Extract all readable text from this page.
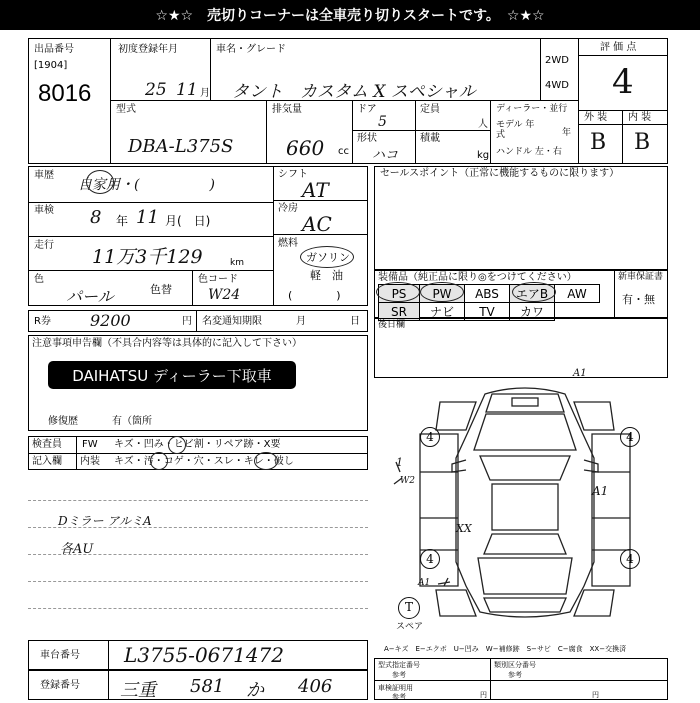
☆★☆　売切りコーナーは全車売り切りスタートです。　☆★☆
出品番号
[1904]
8016
初度登録年月
25 11 月
車名・グレード
タント　カスタム X スペシャル
2WD
4WD
評 価 点
4
型式
DBA-L375S
排気量
660 cc
ドア
5
定員
人
形状
ハコ
積載
kg
ディーラー・並行
モデル 年式	年
ハンドル 左・右
外 装 内 装
B B
車歴
自家用・(　　　　　)
車検 8 年 11 月(　日)
走行
11万3千129	km
色
パール	色替
色コード
W24
シフト
AT
冷房
AC
燃料
ガソリン
軽　油
(　　　　)
セールスポイント（正常に機能するものに限ります）
装備品（純正品に限り◎をつけてください）
PS	PW	ABS	エアB	AW
SR	ナビ	TV	カワ	
新車保証書
有・無
R券 9200	円 名変通知期限	月	日 後日欄
注意事項申告欄（不具合内容等は具体的に記入して下さい）
DAIHATSU ディーラー下取車
修復歴	有（箇所
検査員
記入欄
FW キズ・凹み・ヒビ割・リペア跡・X要
内装 キズ・汚・コゲ・穴・スレ・キレ・破し
Dミラー アルミA
各AU
A1
A1
XX
W2
1
A1
4	4
4	4
T
スペア
A−キズ　E−エクボ　U−凹み　W−補修跡　S−サビ　C−腐食　XX−交換済
車台番号 L3755-0671472
登録番号 三重 581 か 406
型式指定番号
参考
類別区分番号
参考
車検証明用
参考	円	円
